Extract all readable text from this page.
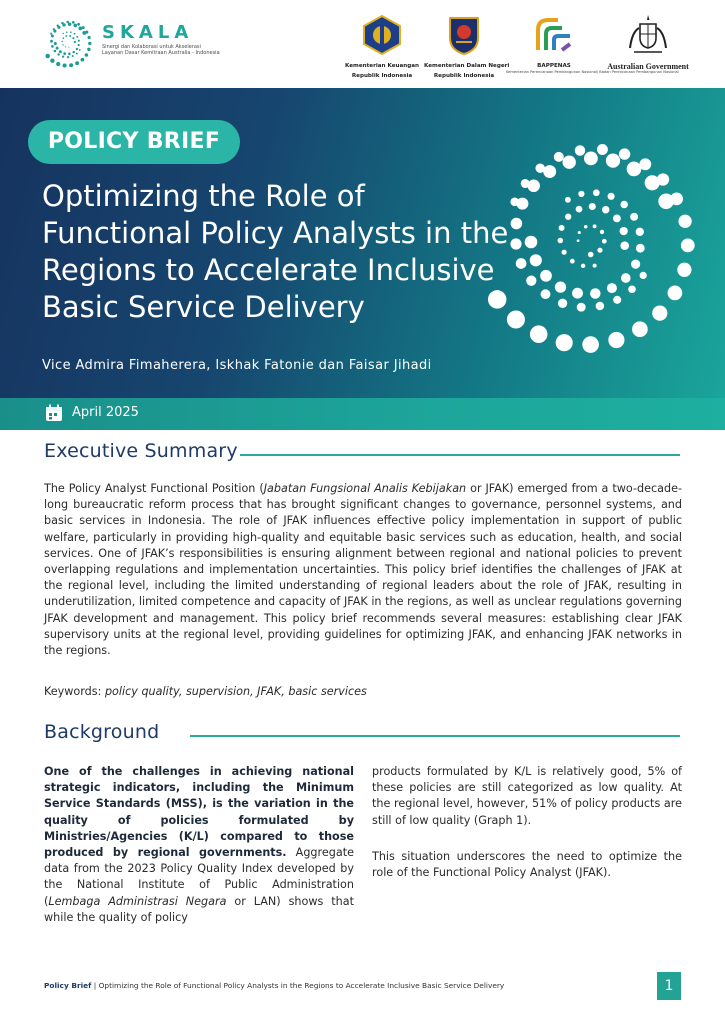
SKALA
Sinergi dan Kolaborasi untuk Akselerasi Layanan Dasar Kemitraan Australia - Indonesia
Kementerian Keuangan
Republik Indonesia
Kementerian Dalam Negeri
Republik Indonesia
BAPPENAS
Kementerian Perencanaan Pembangunan Nasional/ Badan Perencanaan Pembangunan Nasional
Australian Government
POLICY BRIEF
Optimizing the Role of Functional Policy Analysts in the Regions to Accelerate Inclusive Basic Service Delivery
Vice Admira Fimaherera, Iskhak Fatonie dan Faisar Jihadi
April 2025
Executive Summary

The Policy Analyst Functional Position (Jabatan Fungsional Analis Kebijakan or JFAK) emerged from a two-decade-long bureaucratic reform process that has brought significant changes to governance, personnel systems, and basic services in Indonesia. The role of JFAK influences effective policy implementation in support of public welfare, particularly in providing high-quality and equitable basic services such as education, health, and social services. One of JFAK’s responsibilities is ensuring alignment between regional and national policies to prevent overlapping regulations and implementation uncertainties. This policy brief identifies the challenges of JFAK at the regional level, including the limited understanding of regional leaders about the role of JFAK, resulting in underutilization, limited competence and capacity of JFAK in the regions, as well as unclear regulations governing JFAK development and management. This policy brief recommends several measures: establishing clear JFAK supervisory units at the regional level, providing guidelines for optimizing JFAK, and enhancing JFAK networks in the regions.

Keywords: policy quality, supervision, JFAK, basic services
Background

One of the challenges in achieving national strategic indicators, including the Minimum Service Standards (MSS), is the variation in the quality of policies formulated by Ministries/Agencies (K/L) compared to those produced by regional governments. Aggregate data from the 2023 Policy Quality Index developed by the National Institute of Public Administration (Lembaga Administrasi Negara or LAN) shows that while the quality of policy

products formulated by K/L is relatively good, 5% of these policies are still categorized as low quality. At the regional level, however, 51% of policy products are still of low quality (Graph 1).

This situation underscores the need to optimize the role of the Functional Policy Analyst (JFAK).

Policy Brief | Optimizing the Role of Functional Policy Analysts in the Regions to Accelerate Inclusive Basic Service Delivery	1
